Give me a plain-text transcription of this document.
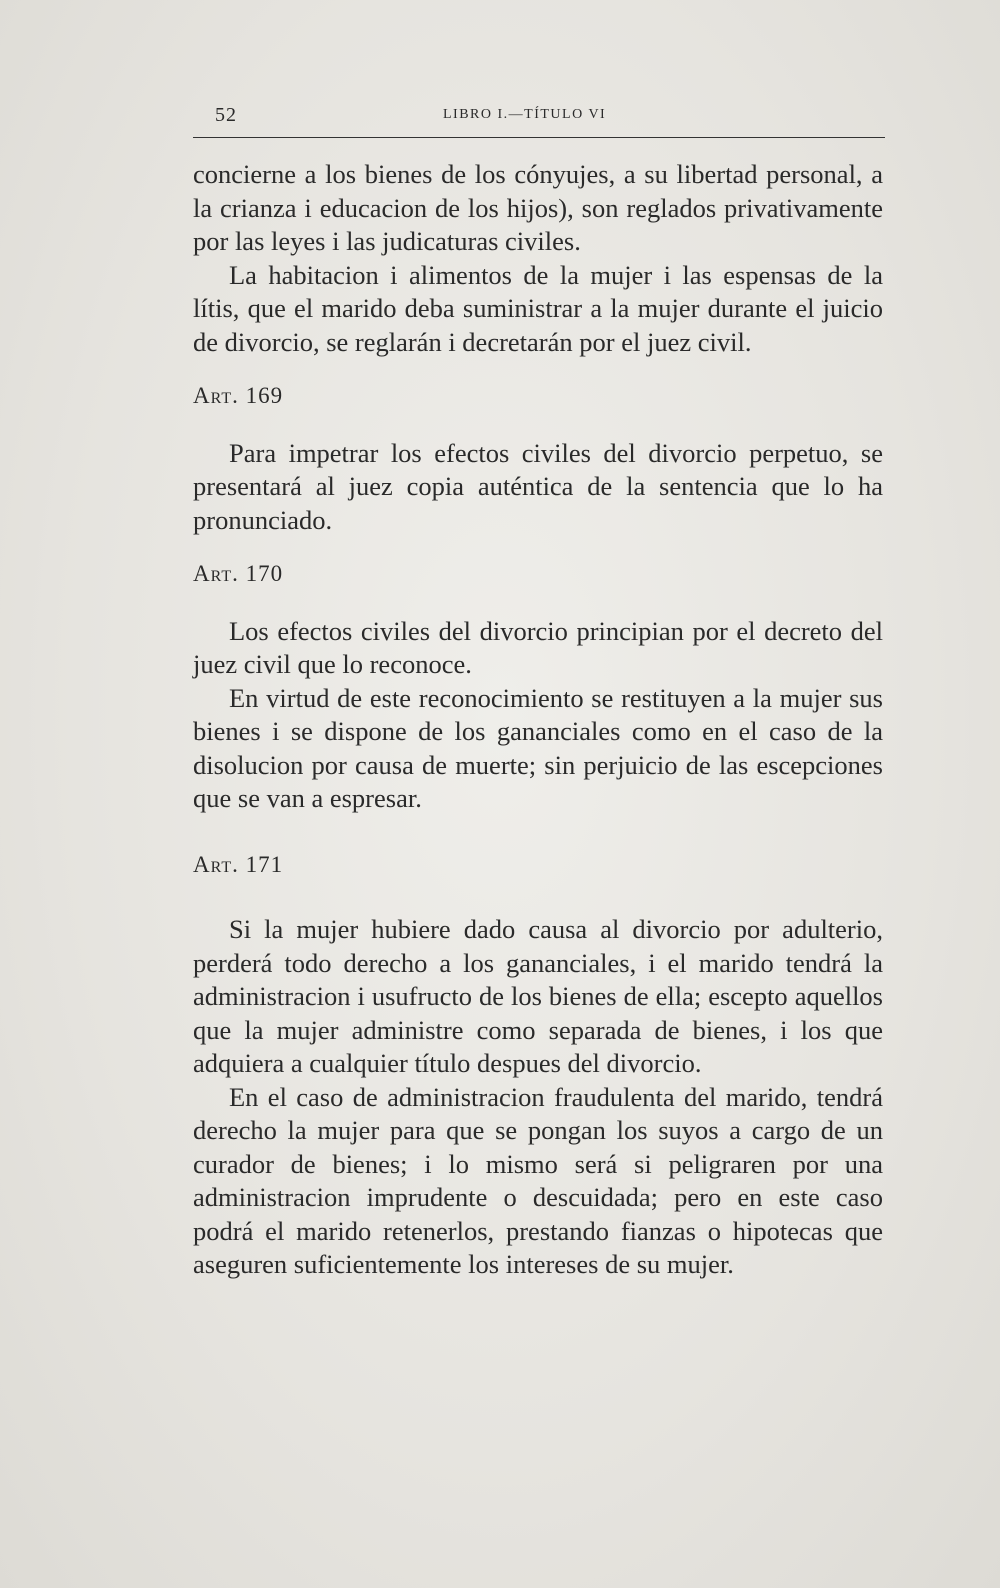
52	LIBRO I.—TÍTULO VI

concierne a los bienes de los cónyujes, a su libertad personal, a la crianza i educacion de los hijos), son reglados privativamente por las leyes i las judicaturas civiles.

La habitacion i alimentos de la mujer i las espensas de la lítis, que el marido deba suministrar a la mujer durante el juicio de divorcio, se reglarán i decretarán por el juez civil.

Art. 169

Para impetrar los efectos civiles del divorcio perpetuo, se presentará al juez copia auténtica de la sentencia que lo ha pronunciado.

Art. 170

Los efectos civiles del divorcio principian por el decreto del juez civil que lo reconoce.

En virtud de este reconocimiento se restituyen a la mujer sus bienes i se dispone de los gananciales como en el caso de la disolucion por causa de muerte; sin perjuicio de las escepciones que se van a espresar.

Art. 171

Si la mujer hubiere dado causa al divorcio por adulterio, perderá todo derecho a los gananciales, i el marido tendrá la administracion i usufructo de los bienes de ella; escepto aquellos que la mujer administre como separada de bienes, i los que adquiera a cualquier título despues del divorcio.

En el caso de administracion fraudulenta del marido, tendrá derecho la mujer para que se pongan los suyos a cargo de un curador de bienes; i lo mismo será si peligraren por una administracion imprudente o descuidada; pero en este caso podrá el marido retenerlos, prestando fianzas o hipotecas que aseguren suficientemente los intereses de su mujer.
